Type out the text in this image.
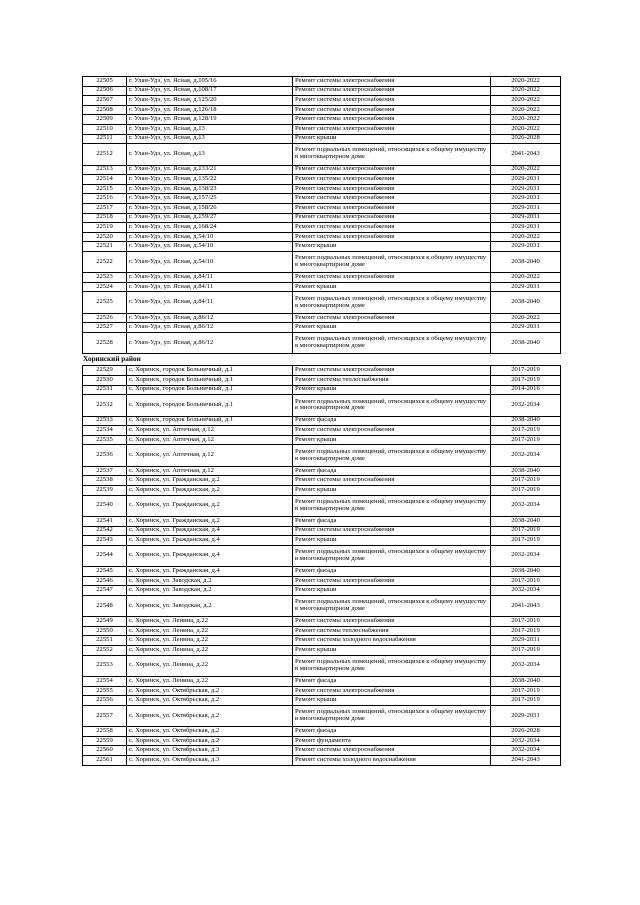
22505	г. Улан-Удэ, ул. Ясная, д.105/16	Ремонт системы электроснабжения	2020-2022
22506	г. Улан-Удэ, ул. Ясная, д.108/17	Ремонт системы электроснабжения	2020-2022
22507	г. Улан-Удэ, ул. Ясная, д.125/20	Ремонт системы электроснабжения	2020-2022
22508	г. Улан-Удэ, ул. Ясная, д.126/18	Ремонт системы электроснабжения	2020-2022
22509	г. Улан-Удэ, ул. Ясная, д.128/19	Ремонт системы электроснабжения	2020-2022
22510	г. Улан-Удэ, ул. Ясная, д.13	Ремонт системы электроснабжения	2020-2022
22511	г. Улан-Удэ, ул. Ясная, д.13	Ремонт крыши	2026-2028
22512	г. Улан-Удэ, ул. Ясная, д.13	Ремонт подвальных помещений, относящихся к общему имуществу в многоквартирном доме	2041-2043
22513	г. Улан-Удэ, ул. Ясная, д.133/21	Ремонт системы электроснабжения	2020-2022
22514	г. Улан-Удэ, ул. Ясная, д.135/22	Ремонт системы электроснабжения	2029-2031
22515	г. Улан-Удэ, ул. Ясная, д.138/23	Ремонт системы электроснабжения	2029-2031
22516	г. Улан-Удэ, ул. Ясная, д.157/25	Ремонт системы электроснабжения	2029-2031
22517	г. Улан-Удэ, ул. Ясная, д.158/26	Ремонт системы электроснабжения	2029-2031
22518	г. Улан-Удэ, ул. Ясная, д.159/27	Ремонт системы электроснабжения	2029-2031
22519	г. Улан-Удэ, ул. Ясная, д.168/24	Ремонт системы электроснабжения	2029-2031
22520	г. Улан-Удэ, ул. Ясная, д.54/10	Ремонт системы электроснабжения	2020-2022
22521	г. Улан-Удэ, ул. Ясная, д.54/10	Ремонт крыши	2029-2031
22522	г. Улан-Удэ, ул. Ясная, д.54/10	Ремонт подвальных помещений, относящихся к общему имуществу в многоквартирном доме	2038-2040
22523	г. Улан-Удэ, ул. Ясная, д.84/11	Ремонт системы электроснабжения	2020-2022
22524	г. Улан-Удэ, ул. Ясная, д.84/11	Ремонт крыши	2029-2031
22525	г. Улан-Удэ, ул. Ясная, д.84/11	Ремонт подвальных помещений, относящихся к общему имуществу в многоквартирном доме	2038-2040
22526	г. Улан-Удэ, ул. Ясная, д.86/12	Ремонт системы электроснабжения	2020-2022
22527	г. Улан-Удэ, ул. Ясная, д.86/12	Ремонт крыши	2029-2031
22528	г. Улан-Удэ, ул. Ясная, д.86/12	Ремонт подвальных помещений, относящихся к общему имуществу в многоквартирном доме	2038-2040
Хоринский район
22529	с. Хоринск, городок Больничный, д.1	Ремонт системы электроснабжения	2017-2019
22530	с. Хоринск, городок Больничный, д.1	Ремонт системы теплоснабжения	2017-2019
22531	с. Хоринск, городок Больничный, д.1	Ремонт крыши	2014-2016
22532	с. Хоринск, городок Больничный, д.1	Ремонт подвальных помещений, относящихся к общему имуществу в многоквартирном доме	2032-2034
22533	с. Хоринск, городок Больничный, д.1	Ремонт фасада	2038-2040
22534	с. Хоринск, ул. Аптечная, д.12	Ремонт системы электроснабжения	2017-2019
22535	с. Хоринск, ул. Аптечная, д.12	Ремонт крыши	2017-2019
22536	с. Хоринск, ул. Аптечная, д.12	Ремонт подвальных помещений, относящихся к общему имуществу в многоквартирном доме	2032-2034
22537	с. Хоринск, ул. Аптечная, д.12	Ремонт фасада	2038-2040
22538	с. Хоринск, ул. Гражданская, д.2	Ремонт системы электроснабжения	2017-2019
22539	с. Хоринск, ул. Гражданская, д.2	Ремонт крыши	2017-2019
22540	с. Хоринск, ул. Гражданская, д.2	Ремонт подвальных помещений, относящихся к общему имуществу в многоквартирном доме	2032-2034
22541	с. Хоринск, ул. Гражданская, д.2	Ремонт фасада	2038-2040
22542	с. Хоринск, ул. Гражданская, д.4	Ремонт системы электроснабжения	2017-2019
22543	с. Хоринск, ул. Гражданская, д.4	Ремонт крыши	2017-2019
22544	с. Хоринск, ул. Гражданская, д.4	Ремонт подвальных помещений, относящихся к общему имуществу в многоквартирном доме	2032-2034
22545	с. Хоринск, ул. Гражданская, д.4	Ремонт фасада	2038-2040
22546	с. Хоринск, ул. Заводская, д.2	Ремонт системы электроснабжения	2017-2019
22547	с. Хоринск, ул. Заводская, д.2	Ремонт крыши	2032-2034
22548	с. Хоринск, ул. Заводская, д.2	Ремонт подвальных помещений, относящихся к общему имуществу в многоквартирном доме	2041-2043
22549	с. Хоринск, ул. Ленина, д.22	Ремонт системы электроснабжения	2017-2019
22550	с. Хоринск, ул. Ленина, д.22	Ремонт системы теплоснабжения	2017-2019
22551	с. Хоринск, ул. Ленина, д.22	Ремонт системы холодного водоснабжения	2029-2031
22552	с. Хоринск, ул. Ленина, д.22	Ремонт крыши	2017-2019
22553	с. Хоринск, ул. Ленина, д.22	Ремонт подвальных помещений, относящихся к общему имуществу в многоквартирном доме	2032-2034
22554	с. Хоринск, ул. Ленина, д.22	Ремонт фасада	2038-2040
22555	с. Хоринск, ул. Октябрьская, д.2	Ремонт системы электроснабжения	2017-2019
22556	с. Хоринск, ул. Октябрьская, д.2	Ремонт крыши	2017-2019
22557	с. Хоринск, ул. Октябрьская, д.2	Ремонт подвальных помещений, относящихся к общему имуществу в многоквартирном доме	2029-2031
22558	с. Хоринск, ул. Октябрьская, д.2	Ремонт фасада	2026-2028
22559	с. Хоринск, ул. Октябрьская, д.2	Ремонт фундамента	2032-2034
22560	с. Хоринск, ул. Октябрьская, д.3	Ремонт системы электроснабжения	2032-2034
22561	с. Хоринск, ул. Октябрьская, д.3	Ремонт системы холодного водоснабжения	2041-2043
